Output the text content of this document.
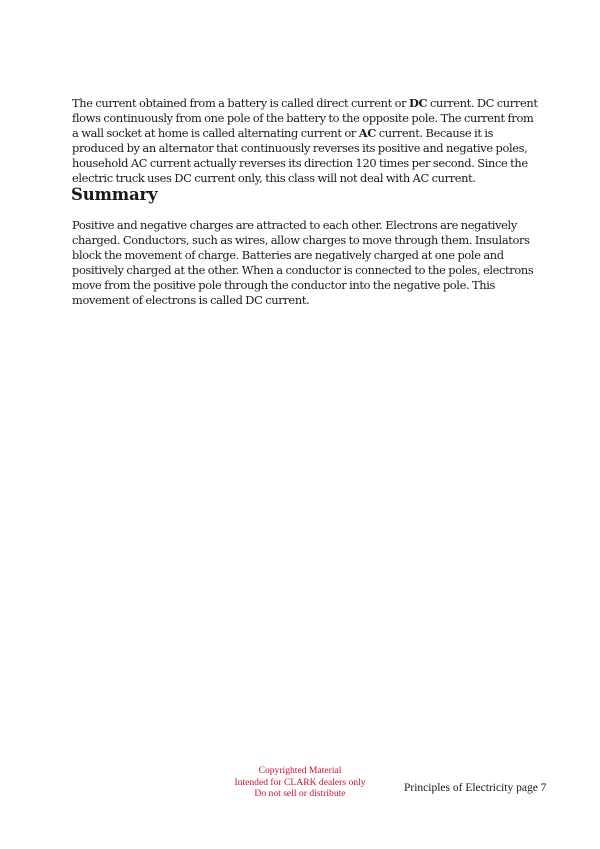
The current obtained from a battery is called direct current or DC current. DC current flows continuously from one pole of the battery to the opposite pole. The current from a wall socket at home is called alternating current or AC current. Because it is produced by an alternator that continuously reverses its positive and negative poles, household AC current actually reverses its direction 120 times per second. Since the electric truck uses DC current only, this class will not deal with AC current.

Summary

Positive and negative charges are attracted to each other. Electrons are negatively charged. Conductors, such as wires, allow charges to move through them. Insulators block the movement of charge. Batteries are negatively charged at one pole and positively charged at the other. When a conductor is connected to the poles, electrons move from the positive pole through the conductor into the negative pole. This movement of electrons is called DC current.

Copyrighted Material
Intended for CLARK dealers only
Do not sell or distribute	Principles of Electricity page 7
